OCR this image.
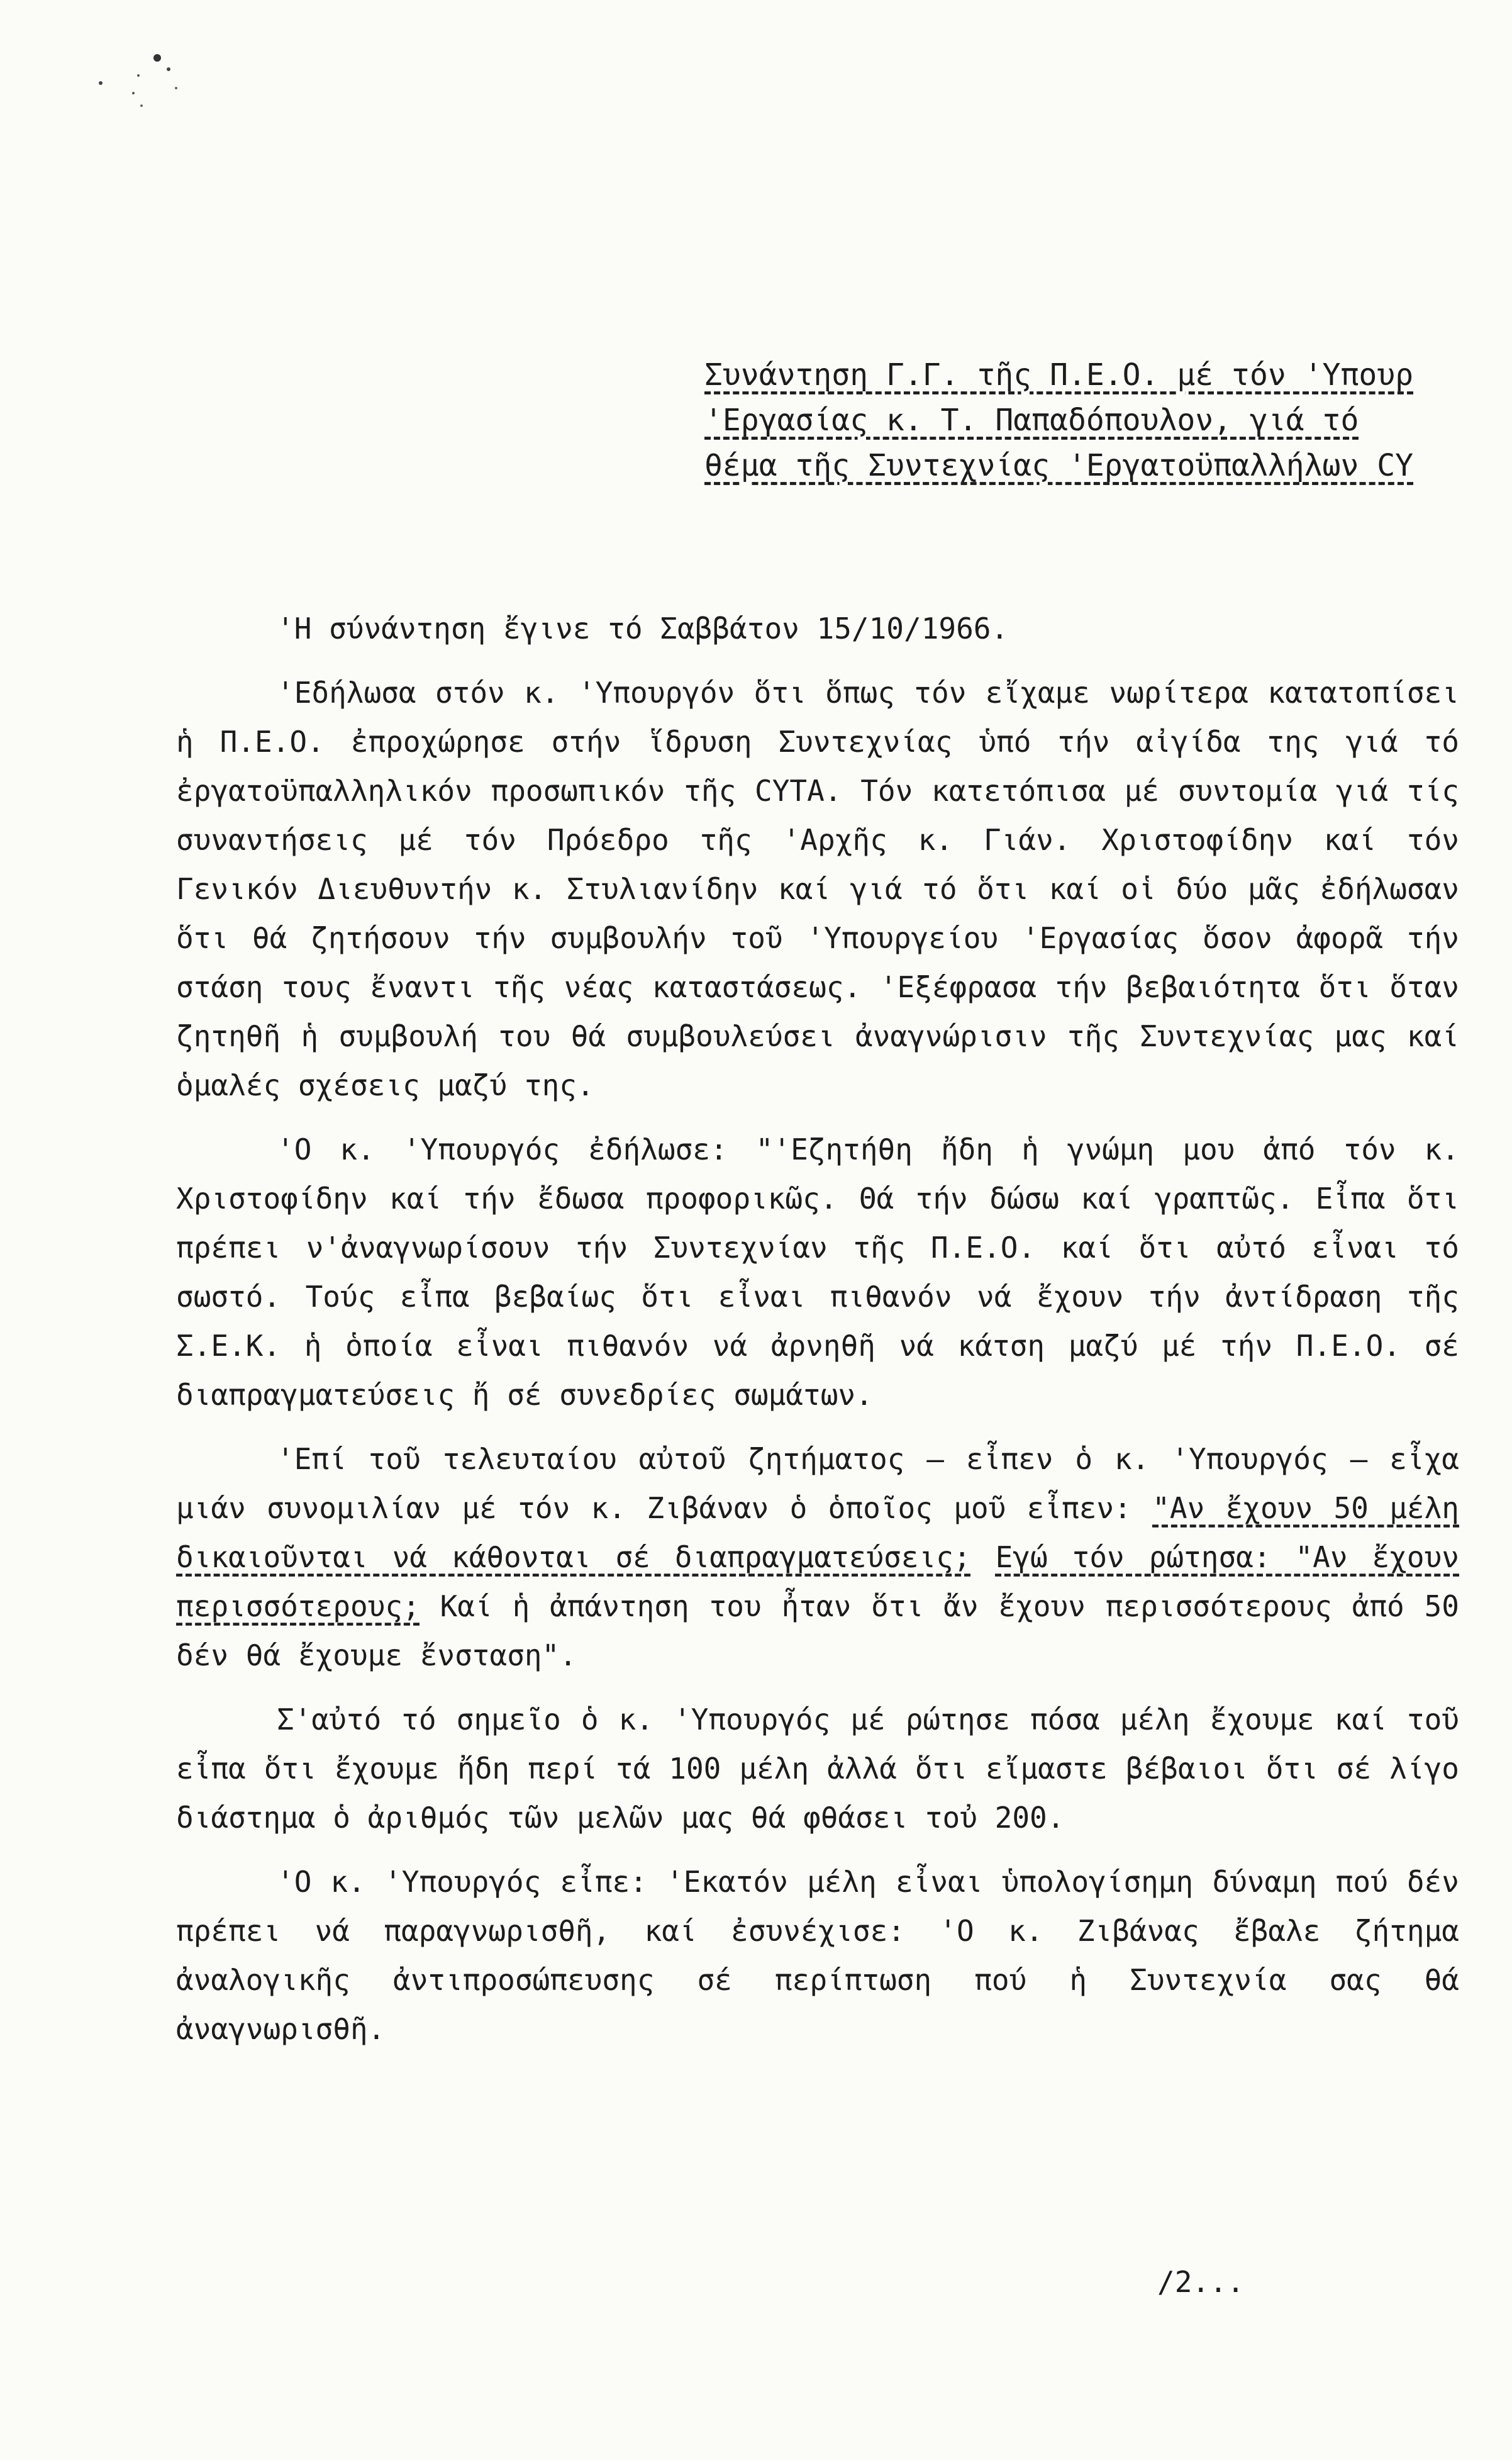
Συνάντηση Γ.Γ. τῆς Π.Ε.Ο. μέ τόν 'Υπουρ
'Εργασίας κ. Τ. Παπαδόπουλον, γιά τό
θέμα τῆς Συντεχνίας 'Εργατοϋπαλλήλων CY

'Η σύνάντηση ἔγινε τό Σαββάτον 15/10/1966.

'Εδήλωσα στόν κ. 'Υπουργόν ὅτι ὅπως τόν εἴχαμε νωρίτερα κατατοπίσει ἡ Π.Ε.Ο. ἐπροχώρησε στήν ἵδρυση Συντεχνίας ὑπό τήν αἰγίδα της γιά τό ἐργατοϋπαλληλικόν προσωπικόν τῆς CYTA. Τόν κατετόπισα μέ συντομία γιά τίς συναντήσεις μέ τόν Πρόεδρο τῆς 'Αρχῆς κ. Γιάν. Χριστοφίδην καί τόν Γενικόν Διευθυντήν κ. Στυλιανίδην καί γιά τό ὅτι καί οἱ δύο μᾶς ἐδήλωσαν ὅτι θά ζητήσουν τήν συμβουλήν τοῦ 'Υπουργείου 'Εργασίας ὅσον ἀφορᾶ τήν στάση τους ἔναντι τῆς νέας καταστάσεως. 'Εξέφρασα τήν βεβαιότητα ὅτι ὅταν ζητηθῆ ἡ συμβουλή του θά συμβουλεύσει ἀναγνώρισιν τῆς Συντεχνίας μας καί ὁμαλές σχέσεις μαζύ της.

'Ο κ. 'Υπουργός ἐδήλωσε: "'Εζητήθη ἤδη ἡ γνώμη μου ἀπό τόν κ. Χριστοφίδην καί τήν ἔδωσα προφορικῶς. Θά τήν δώσω καί γραπτῶς. Εἶπα ὅτι πρέπει ν'ἀναγνωρίσουν τήν Συντεχνίαν τῆς Π.Ε.Ο. καί ὅτι αὐτό εἶναι τό σωστό. Τούς εἶπα βεβαίως ὅτι εἶναι πιθανόν νά ἔχουν τήν ἀντίδραση τῆς Σ.Ε.Κ. ἡ ὁποία εἶναι πιθανόν νά ἀρνηθῆ νά κάτση μαζύ μέ τήν Π.Ε.Ο. σέ διαπραγματεύσεις ἤ σέ συνεδρίες σωμάτων.

'Επί τοῦ τελευταίου αὐτοῦ ζητήματος – εἶπεν ὁ κ. 'Υπουργός – εἶχα μιάν συνομιλίαν μέ τόν κ. Ζιβάναν ὁ ὁποῖος μοῦ εἶπεν: "Αν ἔχουν 50 μέλη δικαιοῦνται νά κάθονται σέ διαπραγματεύσεις; Εγώ τόν ρώτησα: "Αν ἔχουν περισσότερους; Καί ἡ ἀπάντηση του ἦταν ὅτι ἄν ἔχουν περισσότερους ἀπό 50 δέν θά ἔχουμε ἔνσταση".

Σ'αὐτό τό σημεῖο ὁ κ. 'Υπουργός μέ ρώτησε πόσα μέλη ἔχουμε καί τοῦ εἶπα ὅτι ἔχουμε ἤδη περί τά 100 μέλη ἀλλά ὅτι εἴμαστε βέβαιοι ὅτι σέ λίγο διάστημα ὁ ἀριθμός τῶν μελῶν μας θά φθάσει τοὐ 200.

'Ο κ. 'Υπουργός εἶπε: 'Εκατόν μέλη εἶναι ὑπολογίσημη δύναμη πού δέν πρέπει νά παραγνωρισθῆ, καί ἐσυνέχισε: 'Ο κ. Ζιβάνας ἔβαλε ζήτημα ἀναλογικῆς ἀντιπροσώπευσης σέ περίπτωση πού ἡ Συντεχνία σας θά ἀναγνωρισθῆ.

/2...
